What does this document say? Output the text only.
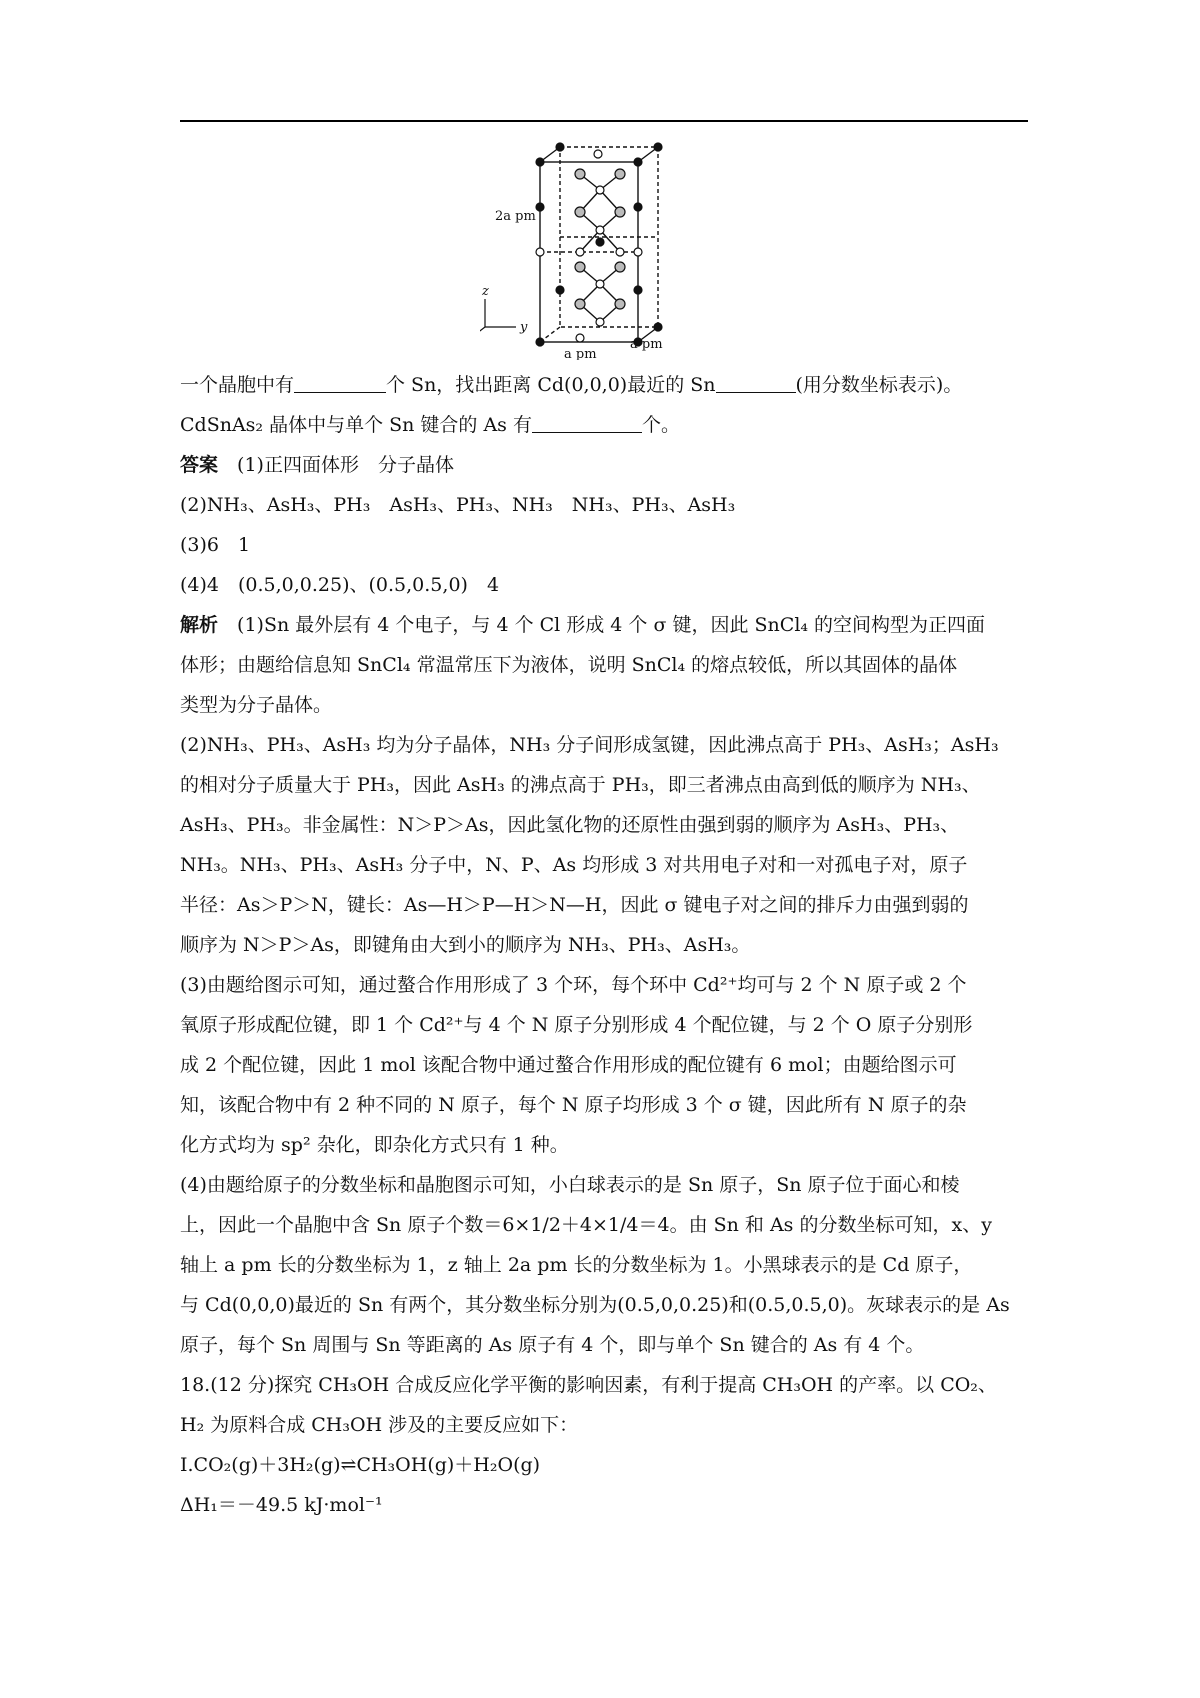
z
y
2a pm
a pm
a pm
一个晶胞中有	个 Sn，找出距离 Cd(0,0,0)最近的 Sn	(用分数坐标表示)。
CdSnAs₂ 晶体中与单个 Sn 键合的 As 有	个。
答案　 (1)正四面体形　分子晶体
(2)NH₃、AsH₃、PH₃　AsH₃、PH₃、NH₃　NH₃、PH₃、AsH₃
(3)6　1
(4)4　(0.5,0,0.25)、(0.5,0.5,0)　4
解析　 (1)Sn 最外层有 4 个电子，与 4 个 Cl 形成 4 个 σ 键，因此 SnCl₄ 的空间构型为正四面
体形；由题给信息知 SnCl₄ 常温常压下为液体，说明 SnCl₄ 的熔点较低，所以其固体的晶体
类型为分子晶体。
(2)NH₃、PH₃、AsH₃ 均为分子晶体，NH₃ 分子间形成氢键，因此沸点高于 PH₃、AsH₃；AsH₃
的相对分子质量大于 PH₃，因此 AsH₃ 的沸点高于 PH₃，即三者沸点由高到低的顺序为 NH₃、
AsH₃、PH₃。非金属性：N＞P＞As，因此氢化物的还原性由强到弱的顺序为 AsH₃、PH₃、
NH₃。NH₃、PH₃、AsH₃ 分子中，N、P、As 均形成 3 对共用电子对和一对孤电子对，原子
半径：As＞P＞N，键长：As—H＞P—H＞N—H，因此 σ 键电子对之间的排斥力由强到弱的
顺序为 N＞P＞As，即键角由大到小的顺序为 NH₃、PH₃、AsH₃。
(3)由题给图示可知，通过螯合作用形成了 3 个环，每个环中 Cd²⁺均可与 2 个 N 原子或 2 个
氧原子形成配位键，即 1 个 Cd²⁺与 4 个 N 原子分别形成 4 个配位键，与 2 个 O 原子分别形
成 2 个配位键，因此 1 mol 该配合物中通过螯合作用形成的配位键有 6 mol；由题给图示可
知，该配合物中有 2 种不同的 N 原子，每个 N 原子均形成 3 个 σ 键，因此所有 N 原子的杂
化方式均为 sp² 杂化，即杂化方式只有 1 种。
(4)由题给原子的分数坐标和晶胞图示可知，小白球表示的是 Sn 原子，Sn 原子位于面心和棱
上，因此一个晶胞中含 Sn 原子个数＝6×1/2＋4×1/4＝4。由 Sn 和 As 的分数坐标可知，x、y
轴上 a pm 长的分数坐标为 1，z 轴上 2a pm 长的分数坐标为 1。小黑球表示的是 Cd 原子，
与 Cd(0,0,0)最近的 Sn 有两个，其分数坐标分别为(0.5,0,0.25)和(0.5,0.5,0)。灰球表示的是 As
原子，每个 Sn 周围与 Sn 等距离的 As 原子有 4 个，即与单个 Sn 键合的 As 有 4 个。
18.(12 分)探究 CH₃OH 合成反应化学平衡的影响因素，有利于提高 CH₃OH 的产率。以 CO₂、
H₂ 为原料合成 CH₃OH 涉及的主要反应如下：
Ⅰ.CO₂(g)＋3H₂(g)⇌CH₃OH(g)＋H₂O(g)
ΔH₁＝－49.5 kJ·mol⁻¹
